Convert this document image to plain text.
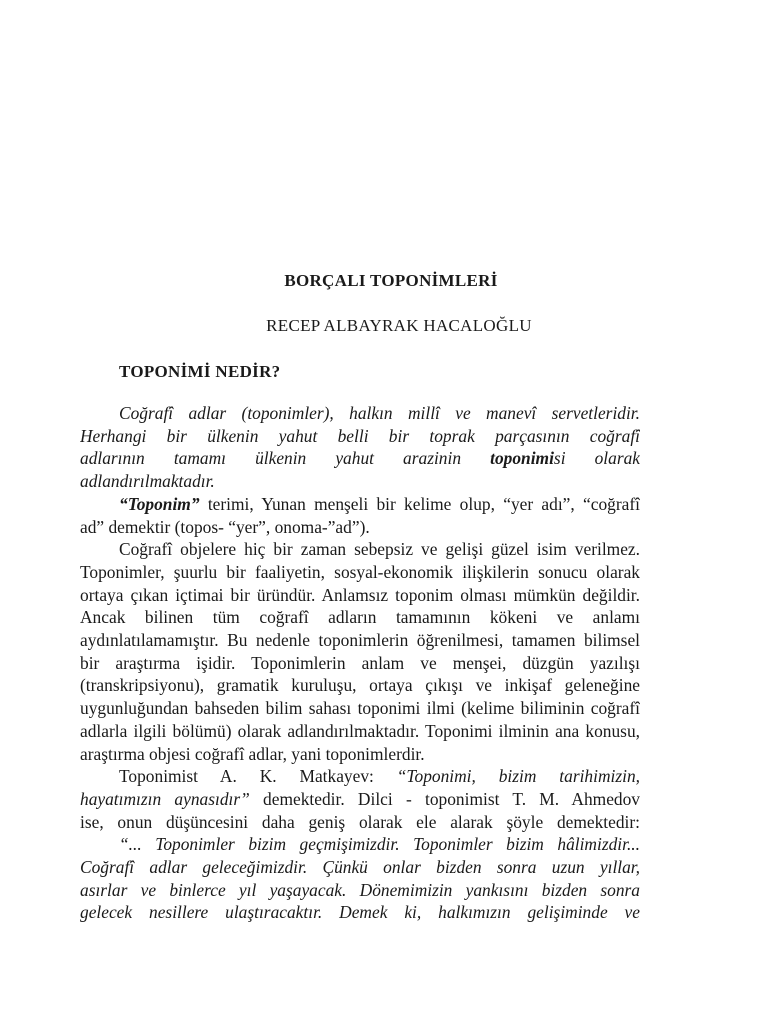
BORÇALI TOPONİMLERİ
RECEP ALBAYRAK HACALOĞLU
TOPONİMİ NEDİR?
Coğrafî adlar (toponimler), halkın millî ve manevî servetleridir.
Herhangi bir ülkenin yahut belli bir toprak parçasının coğrafî
adlarının tamamı ülkenin yahut arazinin toponimisi olarak
adlandırılmaktadır.
“Toponim” terimi, Yunan menşeli bir kelime olup, “yer adı”, “coğrafî
ad” demektir (topos- “yer”, onoma-”ad”).
Coğrafî objelere hiç bir zaman sebepsiz ve gelişi güzel isim verilmez.
Toponimler, şuurlu bir faaliyetin, sosyal-ekonomik ilişkilerin sonucu olarak
ortaya çıkan içtimai bir üründür. Anlamsız toponim olması mümkün değildir.
Ancak bilinen tüm coğrafî adların tamamının kökeni ve anlamı
aydınlatılamamıştır. Bu nedenle toponimlerin öğrenilmesi, tamamen bilimsel
bir araştırma işidir. Toponimlerin anlam ve menşei, düzgün yazılışı
(transkripsiyonu), gramatik kuruluşu, ortaya çıkışı ve inkişaf geleneğine
uygunluğundan bahseden bilim sahası toponimi ilmi (kelime biliminin coğrafî
adlarla ilgili bölümü) olarak adlandırılmaktadır. Toponimi ilminin ana konusu,
araştırma objesi coğrafî adlar, yani toponimlerdir.
Toponimist A. K. Matkayev: “Toponimi, bizim tarihimizin,
hayatımızın aynasıdır” demektedir. Dilci - toponimist T. M. Ahmedov
ise, onun düşüncesini daha geniş olarak ele alarak şöyle demektedir:
“... Toponimler bizim geçmişimizdir. Toponimler bizim hâlimizdir...
Coğrafî adlar geleceğimizdir. Çünkü onlar bizden sonra uzun yıllar,
asırlar ve binlerce yıl yaşayacak. Dönemimizin yankısını bizden sonra
gelecek nesillere ulaştıracaktır. Demek ki, halkımızın gelişiminde ve
